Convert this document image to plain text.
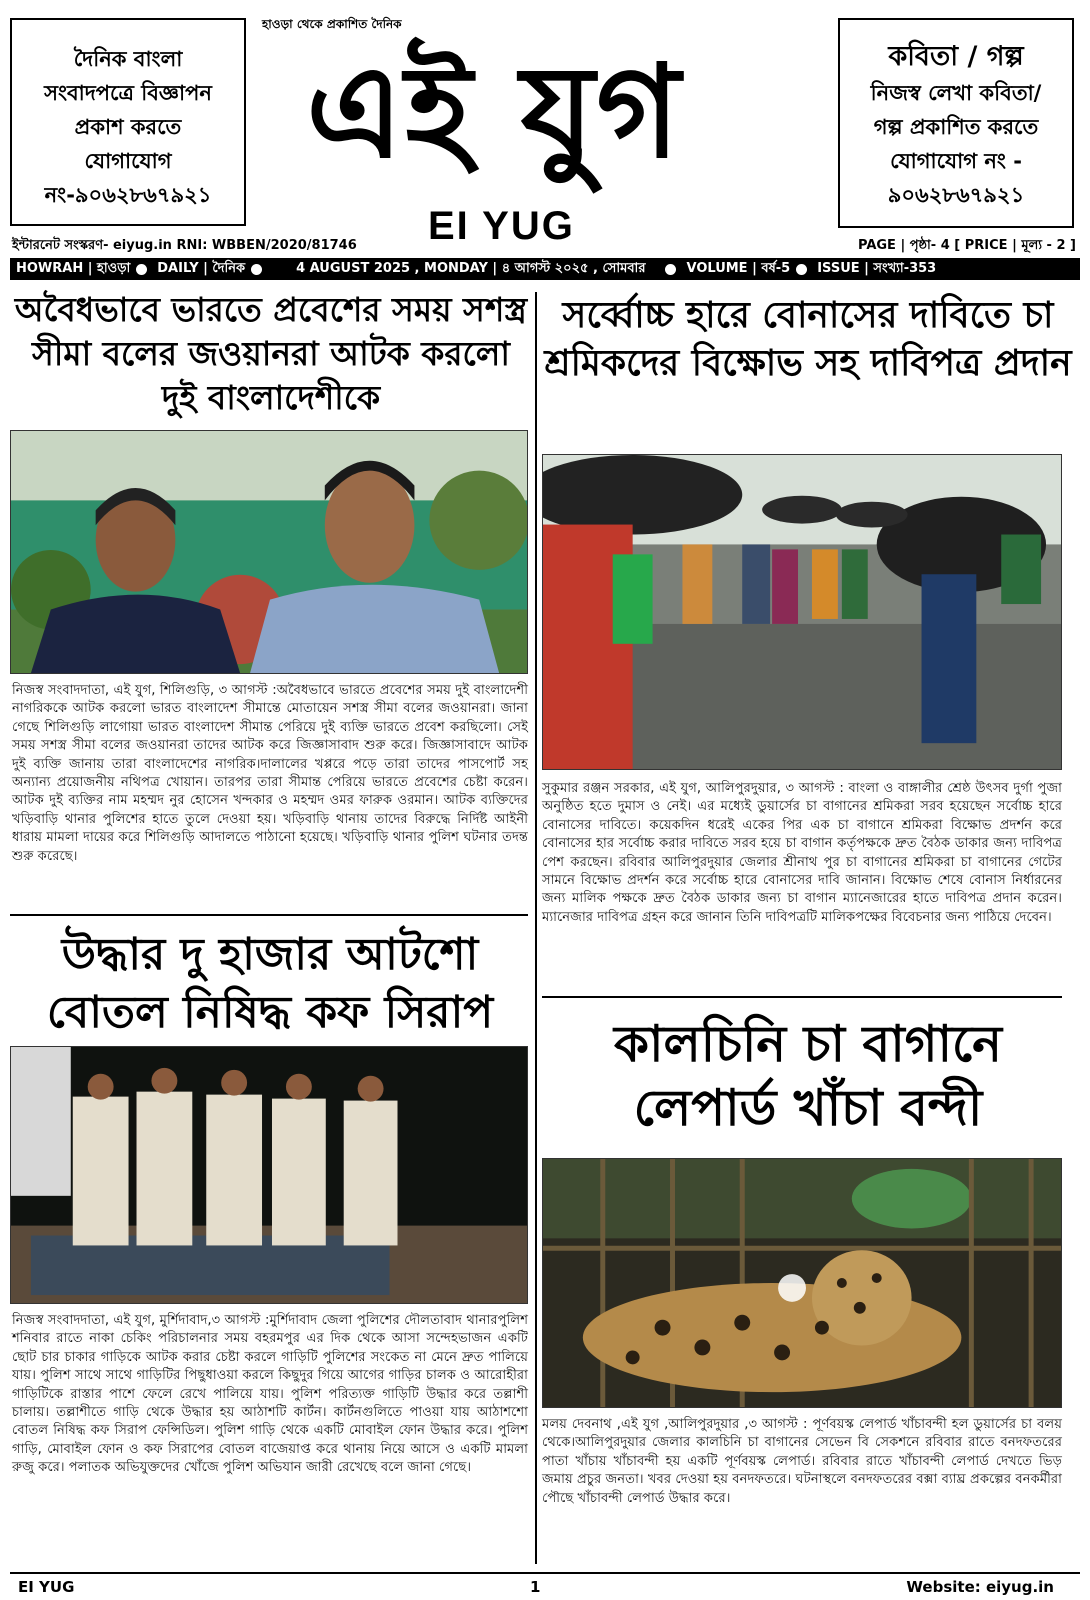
দৈনিক বাংলা
সংবাদপত্রে বিজ্ঞাপন
প্রকাশ করতে
যোগাযোগ
নং-৯০৬২৮৬৭৯২১
হাওড়া থেকে প্রকাশিত দৈনিক
এই যুগ
EI YUG
কবিতা / গল্প
নিজস্ব লেখা কবিতা/
গল্প প্রকাশিত করতে
যোগাযোগ নং -
৯০৬২৮৬৭৯২১
ইন্টারনেট সংস্করণ- eiyug.in RNI: WBBEN/2020/81746	PAGE | পৃষ্ঠা- 4 [ PRICE | মূল্য - 2 ]
HOWRAH | হাওড়া DAILY | দৈনিক	4 AUGUST 2025 , MONDAY | ৪ আগস্ট ২০২৫ , সোমবার	VOLUME | বর্ষ-5 ISSUE | সংখ্যা-353
অবৈধভাবে ভারতে প্রবেশের সময় সশস্ত্র সীমা বলের জওয়ানরা আটক করলো দুই বাংলাদেশীকে
নিজস্ব সংবাদদাতা, এই যুগ, শিলিগুড়ি, ৩ আগস্ট :অবৈধভাবে ভারতে প্রবেশের সময় দুই বাংলাদেশী নাগরিককে আটক করলো ভারত বাংলাদেশ সীমান্তে মোতায়েন সশস্ত্র সীমা বলের জওয়ানরা। জানা গেছে শিলিগুড়ি লাগোয়া ভারত বাংলাদেশ সীমান্ত পেরিয়ে দুই ব্যক্তি ভারতে প্রবেশ করছিলো। সেই সময় সশস্ত্র সীমা বলের জওয়ানরা তাদের আটক করে জিজ্ঞাসাবাদ শুরু করে। জিজ্ঞাসাবাদে আটক দুই ব্যক্তি জানায় তারা বাংলাদেশের নাগরিক।দালালের খপ্পরে পড়ে তারা তাদের পাসপোর্ট সহ অন্যান্য প্রয়োজনীয় নথিপত্র খোয়ান। তারপর তারা সীমান্ত পেরিয়ে ভারতে প্রবেশের চেষ্টা করেন।আটক দুই ব্যক্তির নাম মহম্মদ নুর হোসেন খন্দকার ও মহম্মদ ওমর ফারুক ওরমান। আটক ব্যক্তিদের খড়িবাড়ি থানার পুলিশের হাতে তুলে দেওয়া হয়। খড়িবাড়ি থানায় তাদের বিরুদ্ধে নির্দিষ্ট আইনী ধারায় মামলা দায়ের করে শিলিগুড়ি আদালতে পাঠানো হয়েছে। খড়িবাড়ি থানার পুলিশ ঘটনার তদন্ত শুরু করেছে।
সর্ব্বোচ্চ হারে বোনাসের দাবিতে চা শ্রমিকদের বিক্ষোভ সহ দাবিপত্র প্রদান
সুকুমার রঞ্জন সরকার, এই যুগ, আলিপুরদুয়ার, ৩ আগস্ট : বাংলা ও বাঙ্গালীর শ্রেষ্ঠ উৎসব দুর্গা পুজা অনুষ্ঠিত হতে দুমাস ও নেই। এর মধ্যেই ডুয়ার্সের চা বাগানের শ্রমিকরা সরব হয়েছেন সর্বোচ্চ হারে বোনাসের দাবিতে। কয়েকদিন ধরেই একের পির এক চা বাগানে শ্রমিকরা বিক্ষোভ প্রদর্শন করে বোনাসের হার সর্বোচ্চ করার দাবিতে সরব হয়ে চা বাগান কর্তৃপক্ষকে দ্রুত বৈঠক ডাকার জন্য দাবিপত্র পেশ করছেন। রবিবার আলিপুরদুয়ার জেলার শ্রীনাথ পুর চা বাগানের শ্রমিকরা চা বাগানের গেটের সামনে বিক্ষোভ প্রদর্শন করে সর্বোচ্চ হারে বোনাসের দাবি জানান। বিক্ষোভ শেষে বোনাস নির্ধারনের জন্য মালিক পক্ষকে দ্রুত বৈঠক ডাকার জন্য চা বাগান ম্যানেজারের হাতে দাবিপত্র প্রদান করেন। ম্যানেজার দাবিপত্র গ্রহন করে জানান তিনি দাবিপত্রটি মালিকপক্ষের বিবেচনার জন্য পাঠিয়ে দেবেন।
উদ্ধার দু হাজার আটশো বোতল নিষিদ্ধ কফ সিরাপ
নিজস্ব সংবাদদাতা, এই যুগ, মুর্শিদাবাদ,৩ আগস্ট :মুর্শিদাবাদ জেলা পুলিশের দৌলতাবাদ থানারপুলিশ শনিবার রাতে নাকা চেকিং পরিচালনার সময় বহরমপুর এর দিক থেকে আসা সন্দেহভাজন একটি ছোট চার চাকার গাড়িকে আটক করার চেষ্টা করলে গাড়িটি পুলিশের সংকেত না মেনে দ্রুত পালিয়ে যায়। পুলিশ সাথে সাথে গাড়িটির পিছুধাওয়া করলে কিছুদুর গিয়ে আগের গাড়ির চালক ও আরোহীরা গাড়িটিকে রাস্তার পাশে ফেলে রেখে পালিয়ে যায়। পুলিশ পরিত্যক্ত গাড়িটি উদ্ধার করে তল্লাশী চালায়। তল্লাশীতে গাড়ি থেকে উদ্ধার হয় আঠাশটি কার্টন। কার্টনগুলিতে পাওয়া যায় আঠাশশো বোতল নিষিদ্ধ কফ সিরাপ ফেন্সিডিল। পুলিশ গাড়ি থেকে একটি মোবাইল ফোন উদ্ধার করে। পুলিশ গাড়ি, মোবাইল ফোন ও কফ সিরাপের বোতল বাজেয়াপ্ত করে থানায় নিয়ে আসে ও একটি মামলা রুজু করে। পলাতক অভিযুক্তদের খোঁজে পুলিশ অভিযান জারী রেখেছে বলে জানা গেছে।
কালচিনি চা বাগানে লেপার্ড খাঁচা বন্দী
মলয় দেবনাথ ,এই যুগ ,আলিপুরদুয়ার ,৩ আগস্ট : পূর্ণবয়স্ক লেপার্ড খাঁচাবন্দী হল ডুয়ার্সের চা বলয় থেকে।আলিপুরদুয়ার জেলার কালচিনি চা বাগানের সেভেন বি সেকশনে রবিবার রাতে বনদফতরের পাতা খাঁচায় খাঁচাবন্দী হয় একটি পূর্ণবয়স্ক লেপার্ড। রবিবার রাতে খাঁচাবন্দী লেপার্ড দেখতে ভিড় জমায় প্রচুর জনতা। খবর দেওয়া হয় বনদফতরে। ঘটনাস্থলে বনদফতরের বক্সা ব্যাঘ্র প্রকল্পের বনকর্মীরা পৌছে খাঁচাবন্দী লেপার্ড উদ্ধার করে।
EI YUG	1	Website: eiyug.in
